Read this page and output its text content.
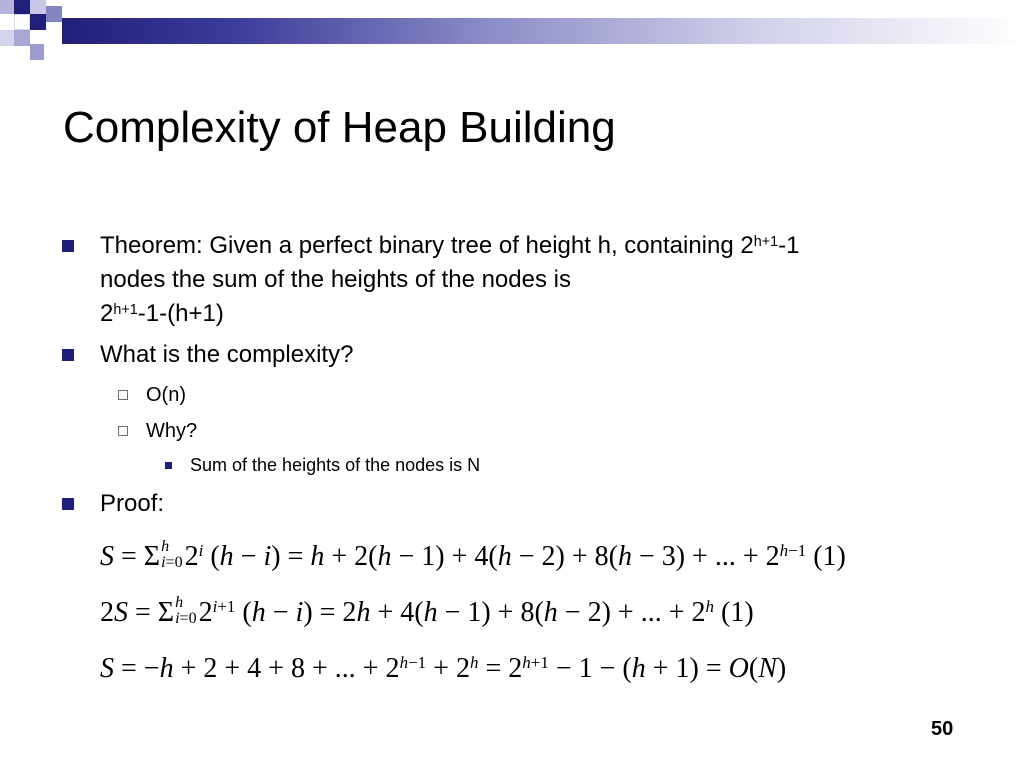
Complexity of Heap Building
Theorem: Given a perfect binary tree of height h, containing $2^{h+1}-1$
nodes the sum of the heights of the nodes is
$2^{h+1}-1-(h+1)$
What is the complexity?
O(n)
Why?
Sum of the heights of the nodes is N
Proof:
S = Σ h
i=0 2$^i$ (h − i) = h + 2(h − 1) + 4(h − 2) + 8(h − 3) + ... + $2^{h-1}$ (1)
2S = Σ h
i=0 $2^{i+1}$ (h − i) = 2h + 4(h − 1) + 8(h − 2) + ... + $2^h$ (1)
S = −h + 2 + 4 + 8 + ... + $2^{h-1} + 2^h = 2^{h+1} - 1 - (h + 1) = O(N)$
50
